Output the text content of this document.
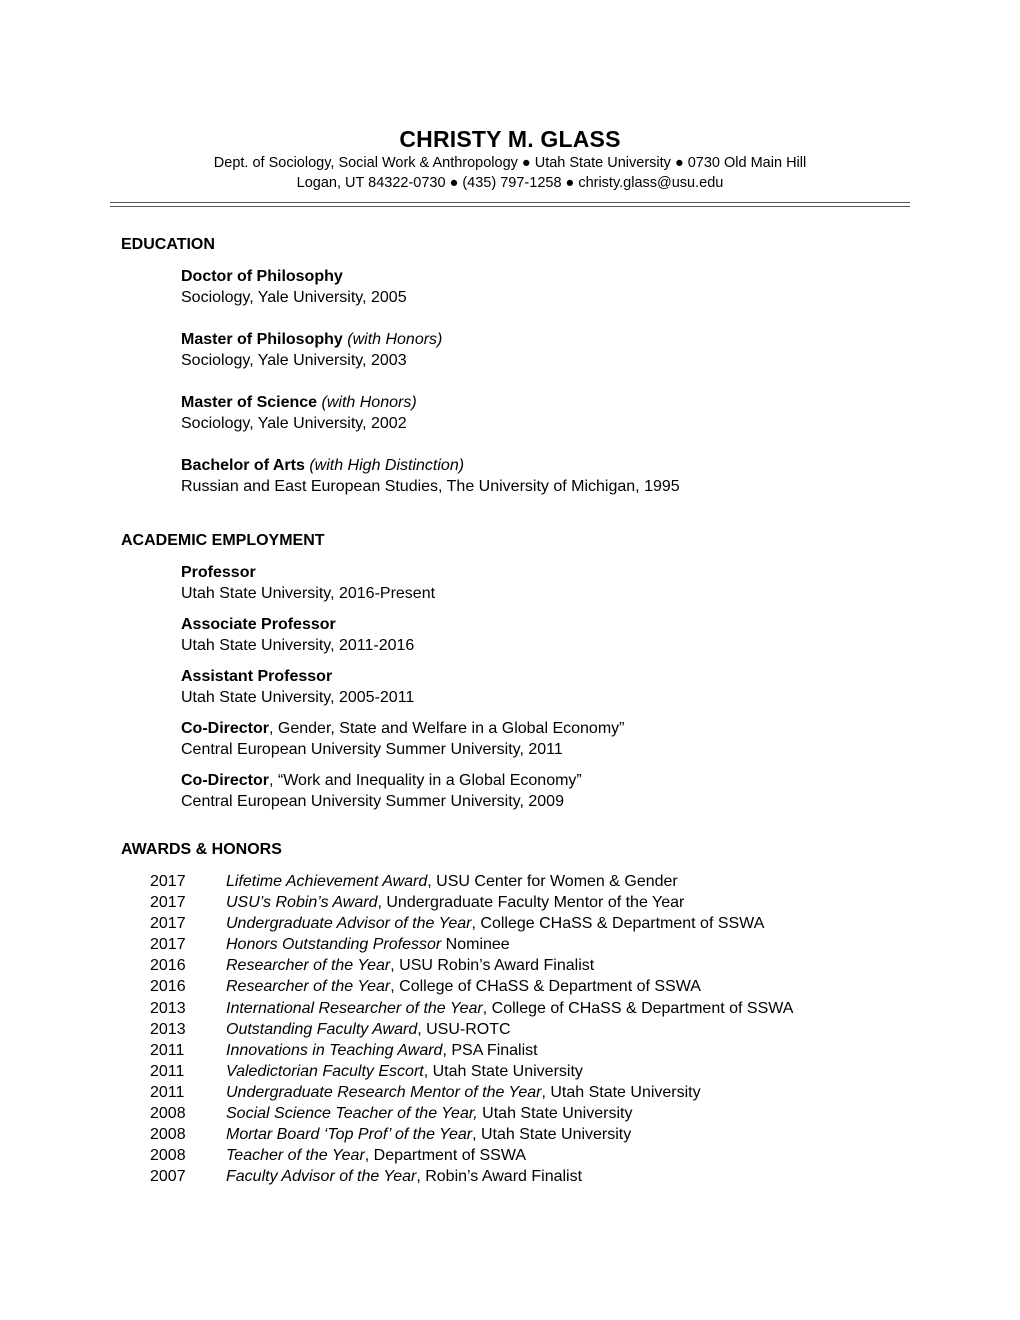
CHRISTY M. GLASS
Dept. of Sociology, Social Work & Anthropology ● Utah State University ● 0730 Old Main Hill
Logan, UT 84322-0730 ● (435) 797-1258 ● christy.glass@usu.edu
EDUCATION
Doctor of Philosophy
Sociology, Yale University, 2005
Master of Philosophy (with Honors)
Sociology, Yale University, 2003
Master of Science (with Honors)
Sociology, Yale University, 2002
Bachelor of Arts (with High Distinction)
Russian and East European Studies, The University of Michigan, 1995
ACADEMIC EMPLOYMENT
Professor
Utah State University, 2016-Present
Associate Professor
Utah State University, 2011-2016
Assistant Professor
Utah State University, 2005-2011
Co-Director, Gender, State and Welfare in a Global Economy”
Central European University Summer University, 2011
Co-Director, “Work and Inequality in a Global Economy”
Central European University Summer University, 2009
AWARDS & HONORS
2017	Lifetime Achievement Award, USU Center for Women & Gender
2017	USU’s Robin’s Award, Undergraduate Faculty Mentor of the Year
2017	Undergraduate Advisor of the Year, College CHaSS & Department of SSWA
2017	Honors Outstanding Professor Nominee
2016	Researcher of the Year, USU Robin’s Award Finalist
2016	Researcher of the Year, College of CHaSS & Department of SSWA
2013	International Researcher of the Year, College of CHaSS & Department of SSWA
2013	Outstanding Faculty Award, USU-ROTC
2011	Innovations in Teaching Award, PSA Finalist
2011	Valedictorian Faculty Escort, Utah State University
2011	Undergraduate Research Mentor of the Year, Utah State University
2008	Social Science Teacher of the Year, Utah State University
2008	Mortar Board ‘Top Prof’ of the Year, Utah State University
2008	Teacher of the Year, Department of SSWA
2007	Faculty Advisor of the Year, Robin’s Award Finalist
